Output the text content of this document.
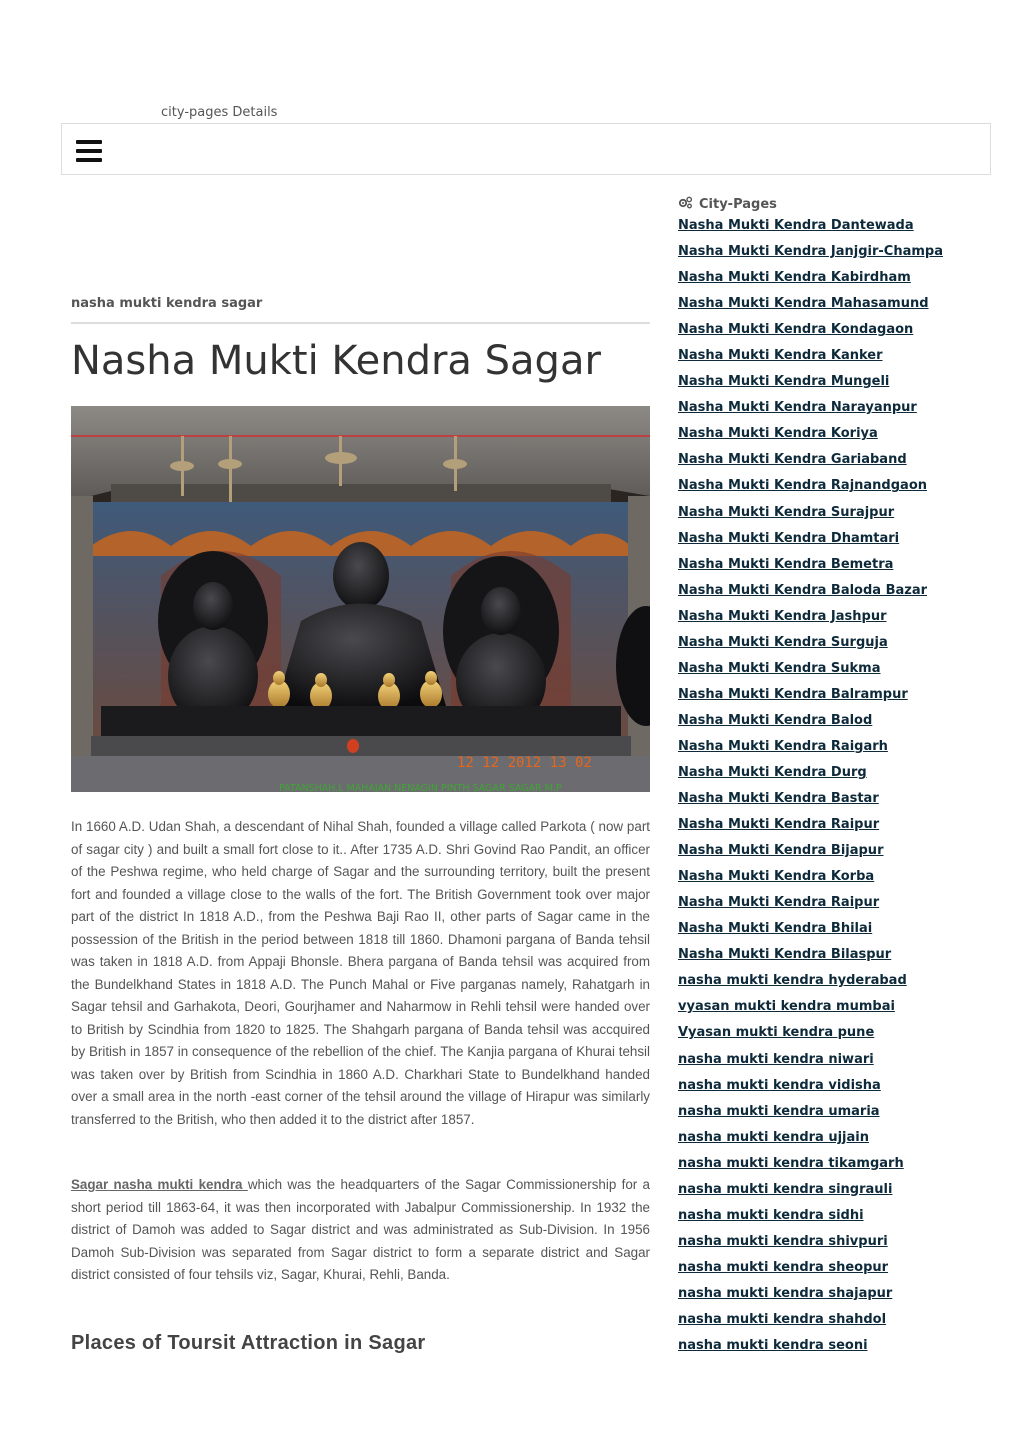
city-pages Details
nasha mukti kendra sagar
Nasha Mukti Kendra Sagar
12 12 2012 13 02
PATANSHAH.L MAHAJAN NENAGIN PINTH SAGAR SAGAR M.P

In 1660 A.D. Udan Shah, a descendant of Nihal Shah, founded a village called Parkota ( now part of sagar city ) and built a small fort close to it.. After 1735 A.D. Shri Govind Rao Pandit, an officer of the Peshwa regime, who held charge of Sagar and the surrounding territory, built the present fort and founded a village close to the walls of the fort. The British Government took over major part of the district In 1818 A.D., from the Peshwa Baji Rao II, other parts of Sagar came in the possession of the British in the period between 1818 till 1860. Dhamoni pargana of Banda tehsil was taken in 1818 A.D. from Appaji Bhonsle. Bhera pargana of Banda tehsil was acquired from the Bundelkhand States in 1818 A.D. The Punch Mahal or Five parganas namely, Rahatgarh in Sagar tehsil and Garhakota, Deori, Gourjhamer and Naharmow in Rehli tehsil were handed over to British by Scindhia from 1820 to 1825. The Shahgarh pargana of Banda tehsil was accquired by British in 1857 in consequence of the rebellion of the chief. The Kanjia pargana of Khurai tehsil was taken over by British from Scindhia in 1860 A.D. Charkhari State to Bundelkhand handed over a small area in the north -east corner of the tehsil around the village of Hirapur was similarly transferred to the British, who then added it to the district after 1857.

Sagar nasha mukti kendra which was the headquarters of the Sagar Commissionership for a short period till 1863-64, it was then incorporated with Jabalpur Commissionership. In 1932 the district of Damoh was added to Sagar district and was administrated as Sub-Division. In 1956 Damoh Sub-Division was separated from Sagar district to form a separate district and Sagar district consisted of four tehsils viz, Sagar, Khurai, Rehli, Banda.

Places of Toursit Attraction in Sagar
City-Pages
Nasha Mukti Kendra Dantewada
Nasha Mukti Kendra Janjgir-Champa
Nasha Mukti Kendra Kabirdham
Nasha Mukti Kendra Mahasamund
Nasha Mukti Kendra Kondagaon
Nasha Mukti Kendra Kanker
Nasha Mukti Kendra Mungeli
Nasha Mukti Kendra Narayanpur
Nasha Mukti Kendra Koriya
Nasha Mukti Kendra Gariaband
Nasha Mukti Kendra Rajnandgaon
Nasha Mukti Kendra Surajpur
Nasha Mukti Kendra Dhamtari
Nasha Mukti Kendra Bemetra
Nasha Mukti Kendra Baloda Bazar
Nasha Mukti Kendra Jashpur
Nasha Mukti Kendra Surguja
Nasha Mukti Kendra Sukma
Nasha Mukti Kendra Balrampur
Nasha Mukti Kendra Balod
Nasha Mukti Kendra Raigarh
Nasha Mukti Kendra Durg
Nasha Mukti Kendra Bastar
Nasha Mukti Kendra Raipur
Nasha Mukti Kendra Bijapur
Nasha Mukti Kendra Korba
Nasha Mukti Kendra Raipur
Nasha Mukti Kendra Bhilai
Nasha Mukti Kendra Bilaspur
nasha mukti kendra hyderabad
vyasan mukti kendra mumbai
Vyasan mukti kendra pune
nasha mukti kendra niwari
nasha mukti kendra vidisha
nasha mukti kendra umaria
nasha mukti kendra ujjain
nasha mukti kendra tikamgarh
nasha mukti kendra singrauli
nasha mukti kendra sidhi
nasha mukti kendra shivpuri
nasha mukti kendra sheopur
nasha mukti kendra shajapur
nasha mukti kendra shahdol
nasha mukti kendra seoni
